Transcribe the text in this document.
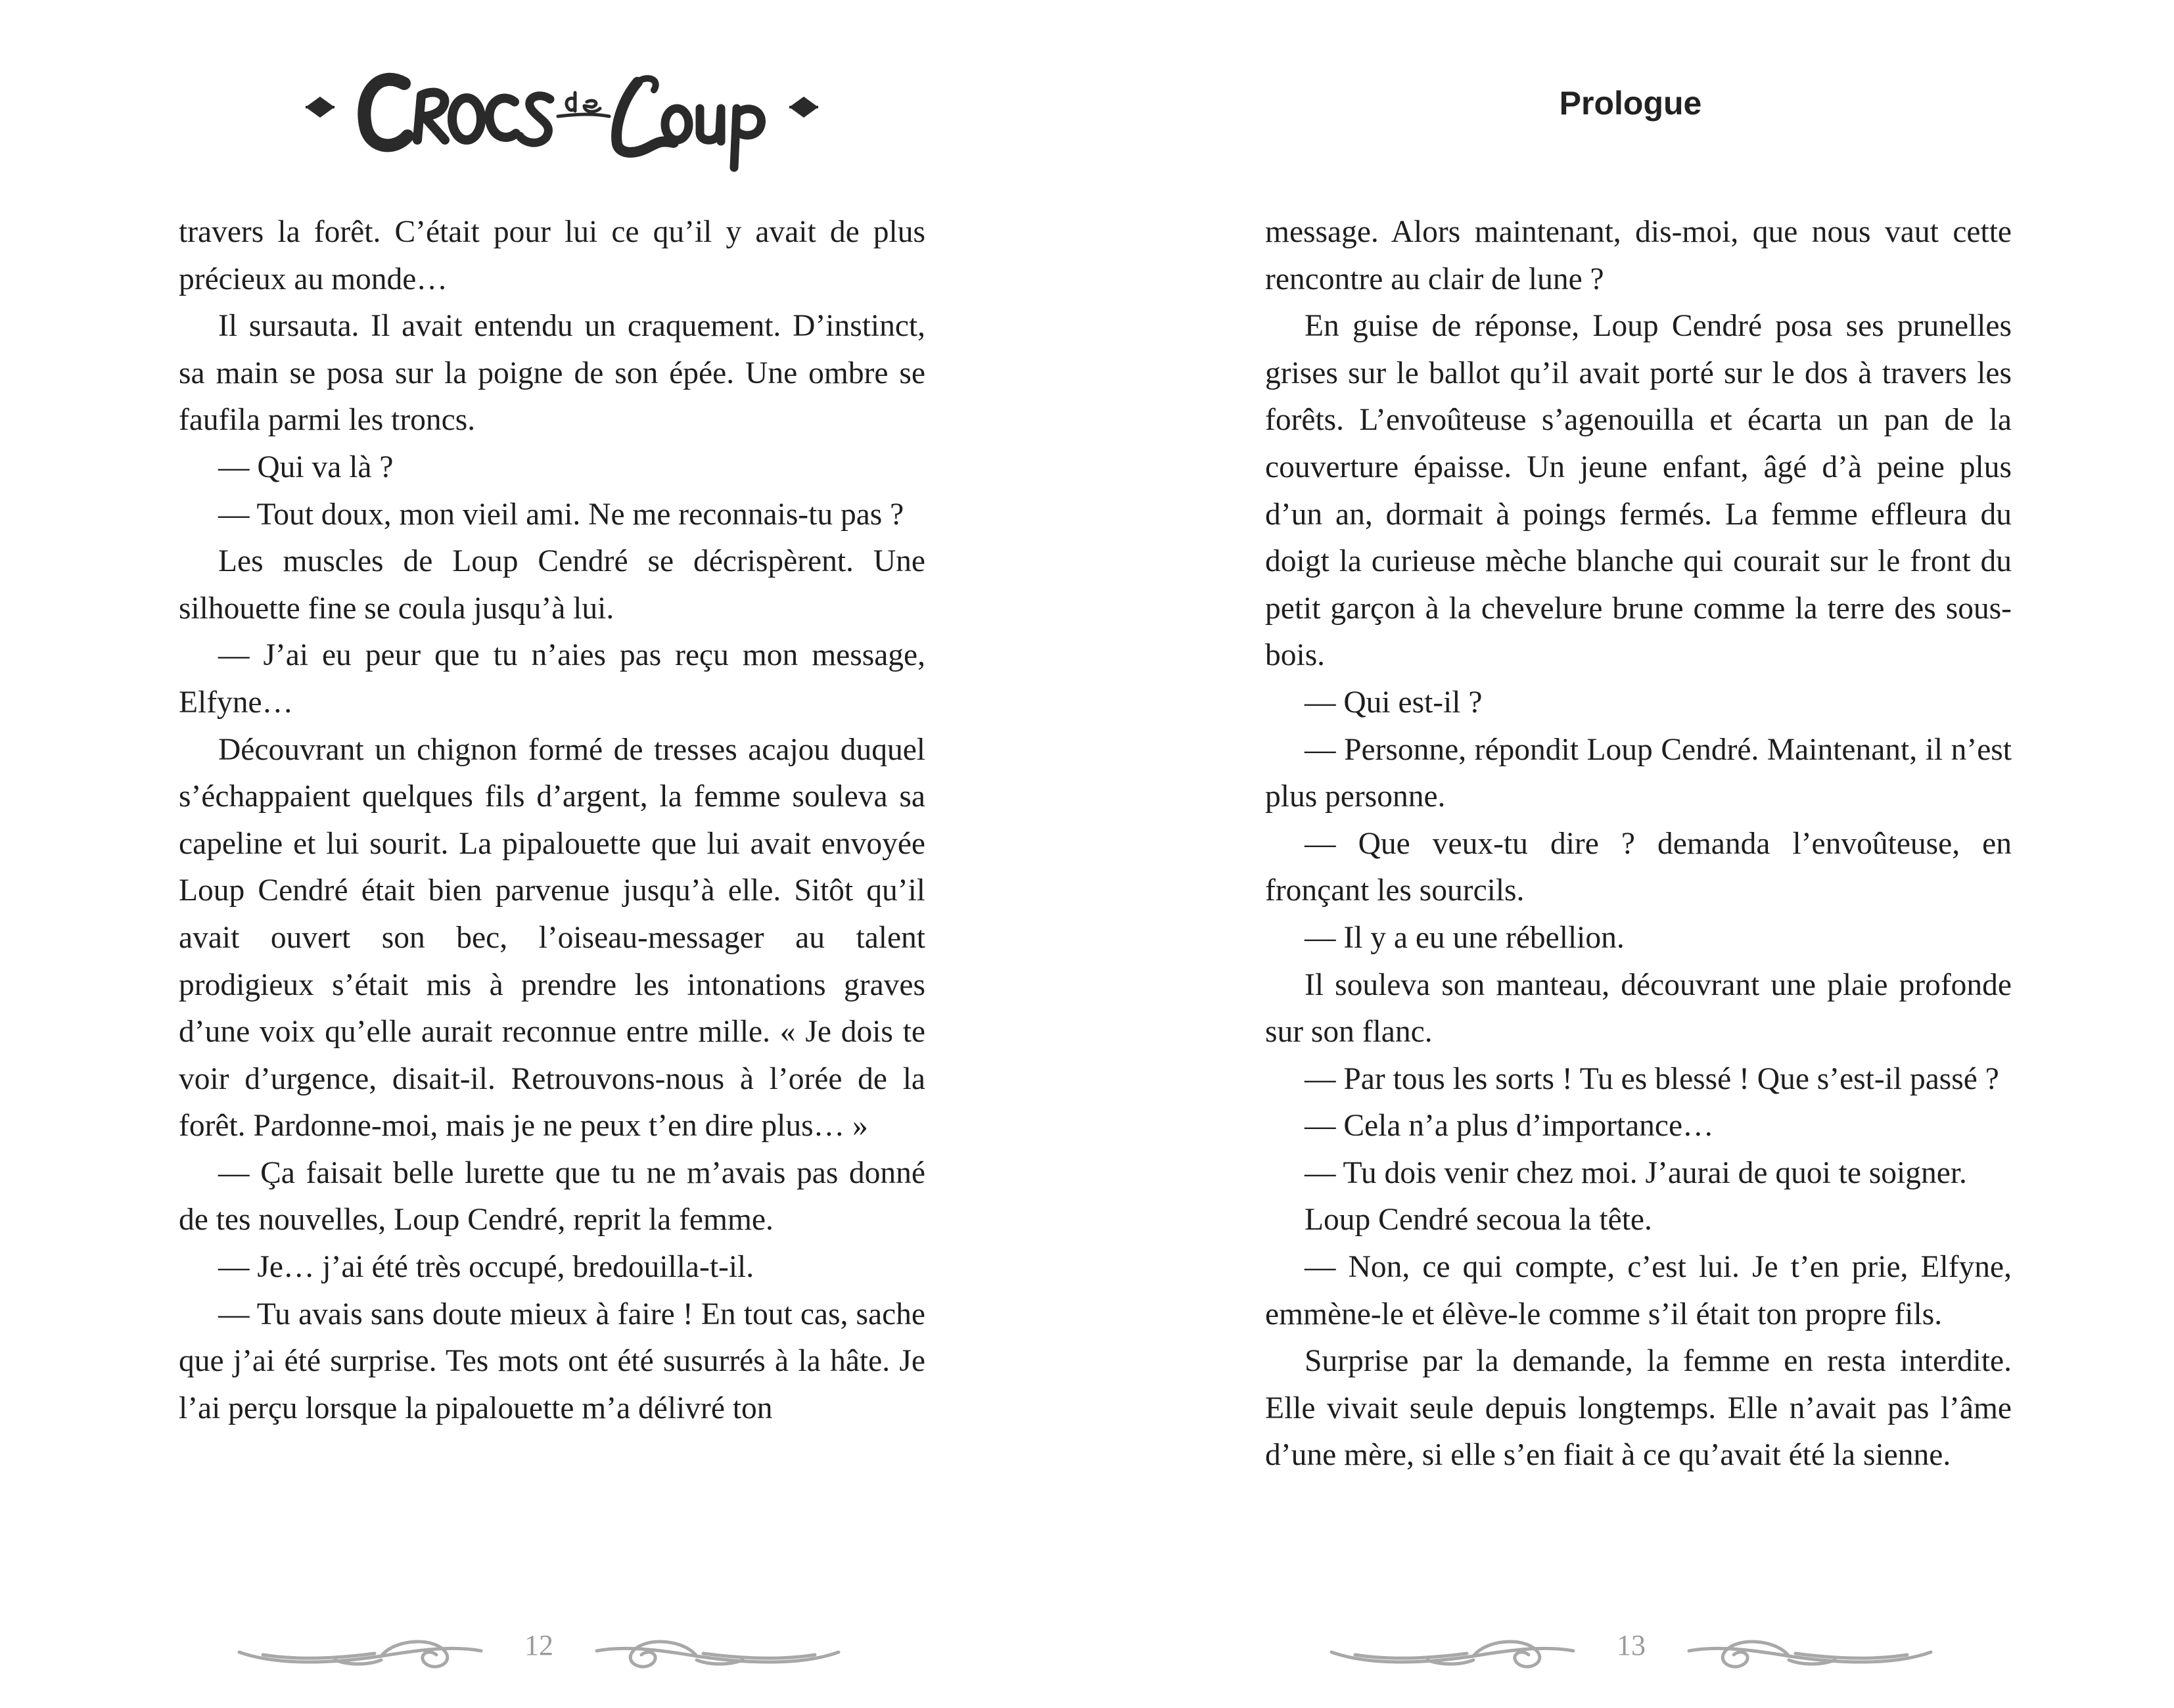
travers la forêt. C’était pour lui ce qu’il y avait de plus précieux au monde…

Il sursauta. Il avait entendu un craquement. D’instinct, sa main se posa sur la poigne de son épée. Une ombre se faufila parmi les troncs.

— Qui va là ?

— Tout doux, mon vieil ami. Ne me reconnais-tu pas ?

Les muscles de Loup Cendré se décrispèrent. Une silhouette fine se coula jusqu’à lui.

— J’ai eu peur que tu n’aies pas reçu mon message, Elfyne…

Découvrant un chignon formé de tresses acajou duquel s’échappaient quelques fils d’argent, la femme souleva sa capeline et lui sourit. La pipalouette que lui avait envoyée Loup Cendré était bien parvenue jusqu’à elle. Sitôt qu’il avait ouvert son bec, l’oiseau-messager au talent prodigieux s’était mis à prendre les intonations graves d’une voix qu’elle aurait reconnue entre mille. « Je dois te voir d’urgence, disait-il. Retrouvons-nous à l’orée de la forêt. Pardonne-moi, mais je ne peux t’en dire plus… »

— Ça faisait belle lurette que tu ne m’avais pas donné de tes nouvelles, Loup Cendré, reprit la femme.

— Je… j’ai été très occupé, bredouilla-t-il.

— Tu avais sans doute mieux à faire ! En tout cas, sache que j’ai été surprise. Tes mots ont été susurrés à la hâte. Je l’ai perçu lorsque la pipalouette m’a délivré ton

12
Prologue

message. Alors maintenant, dis-moi, que nous vaut cette rencontre au clair de lune ?

En guise de réponse, Loup Cendré posa ses prunelles grises sur le ballot qu’il avait porté sur le dos à travers les forêts. L’envoûteuse s’agenouilla et écarta un pan de la couverture épaisse. Un jeune enfant, âgé d’à peine plus d’un an, dormait à poings fermés. La femme effleura du doigt la curieuse mèche blanche qui courait sur le front du petit garçon à la chevelure brune comme la terre des sous-bois.

— Qui est-il ?

— Personne, répondit Loup Cendré. Maintenant, il n’est plus personne.

— Que veux-tu dire ? demanda l’envoûteuse, en fronçant les sourcils.

— Il y a eu une rébellion.

Il souleva son manteau, découvrant une plaie profonde sur son flanc.

— Par tous les sorts ! Tu es blessé ! Que s’est-il passé ?

— Cela n’a plus d’importance…

— Tu dois venir chez moi. J’aurai de quoi te soigner.

Loup Cendré secoua la tête.

— Non, ce qui compte, c’est lui. Je t’en prie, Elfyne, emmène-le et élève-le comme s’il était ton propre fils.

Surprise par la demande, la femme en resta interdite. Elle vivait seule depuis longtemps. Elle n’avait pas l’âme d’une mère, si elle s’en fiait à ce qu’avait été la sienne.

13
